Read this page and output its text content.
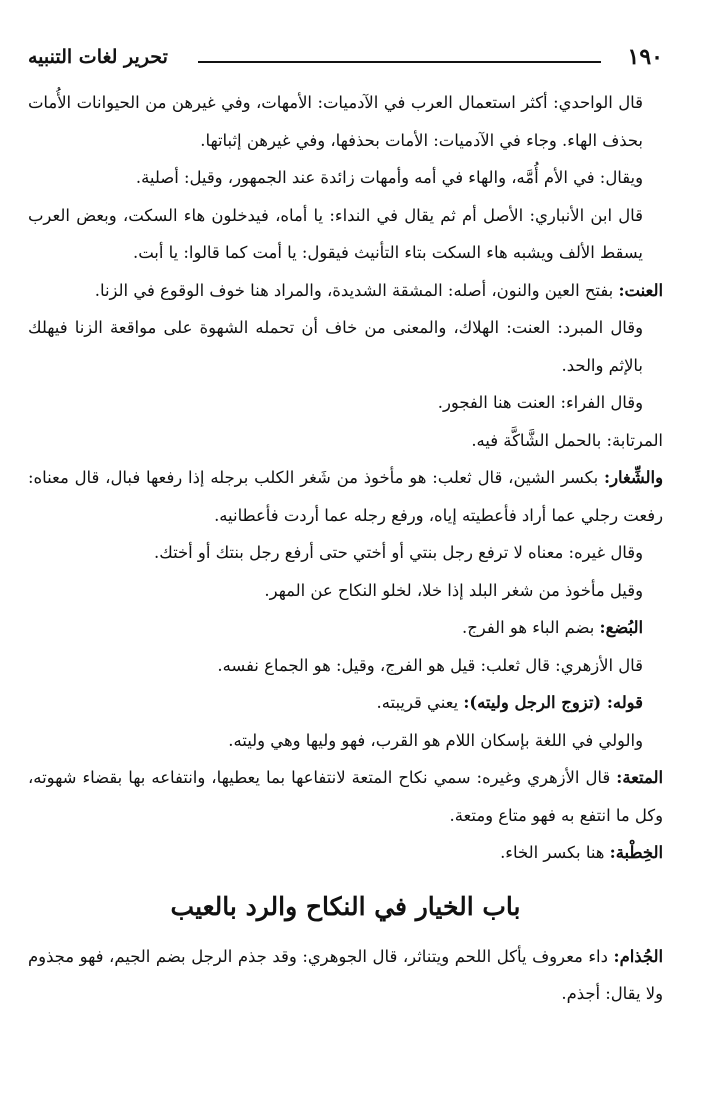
١٩٠
تحرير لغات التنبيه

قال الواحدي: أكثر استعمال العرب في الآدميات: الأمهات، وفي غيرهن من الحيوانات الأُمات بحذف الهاء. وجاء في الآدميات: الأمات بحذفها، وفي غيرهن إثباتها.

ويقال: في الأم أُمَّه، والهاء في أمه وأمهات زائدة عند الجمهور، وقيل: أصلية.

قال ابن الأنباري: الأصل أم ثم يقال في النداء: يا أماه، فيدخلون هاء السكت، وبعض العرب يسقط الألف ويشبه هاء السكت بتاء التأنيث فيقول: يا أمت كما قالوا: يا أبت.

العنت: بفتح العين والنون، أصله: المشقة الشديدة، والمراد هنا خوف الوقوع في الزنا.

وقال المبرد: العنت: الهلاك، والمعنى من خاف أن تحمله الشهوة على مواقعة الزنا فيهلك بالإثم والحد.

وقال الفراء: العنت هنا الفجور.

المرتابة: بالحمل الشَّاكَّة فيه.

والشِّغار: بكسر الشين، قال ثعلب: هو مأخوذ من شَغر الكلب برجله إذا رفعها فبال، قال معناه: رفعت رجلي عما أراد فأعطيته إياه، ورفع رجله عما أردت فأعطانيه.

وقال غيره: معناه لا ترفع رجل بنتي أو أختي حتى أرفع رجل بنتك أو أختك.

وقيل مأخوذ من شغر البلد إذا خلا، لخلو النكاح عن المهر.

البُضع: بضم الباء هو الفرج.

قال الأزهري: قال ثعلب: قيل هو الفرج، وقيل: هو الجماع نفسه.

قوله: (تزوج الرجل وليته): يعني قريبته.

والولي في اللغة بإسكان اللام هو القرب، فهو وليها وهي وليته.

المتعة: قال الأزهري وغيره: سمي نكاح المتعة لانتفاعها بما يعطيها، وانتفاعه بها بقضاء شهوته، وكل ما انتفع به فهو متاع ومتعة.

الخِطْبة: هنا بكسر الخاء.

باب الخيار في النكاح والرد بالعيب

الجُذام: داء معروف يأكل اللحم ويتناثر، قال الجوهري: وقد جذم الرجل بضم الجيم، فهو مجذوم ولا يقال: أجذم.
